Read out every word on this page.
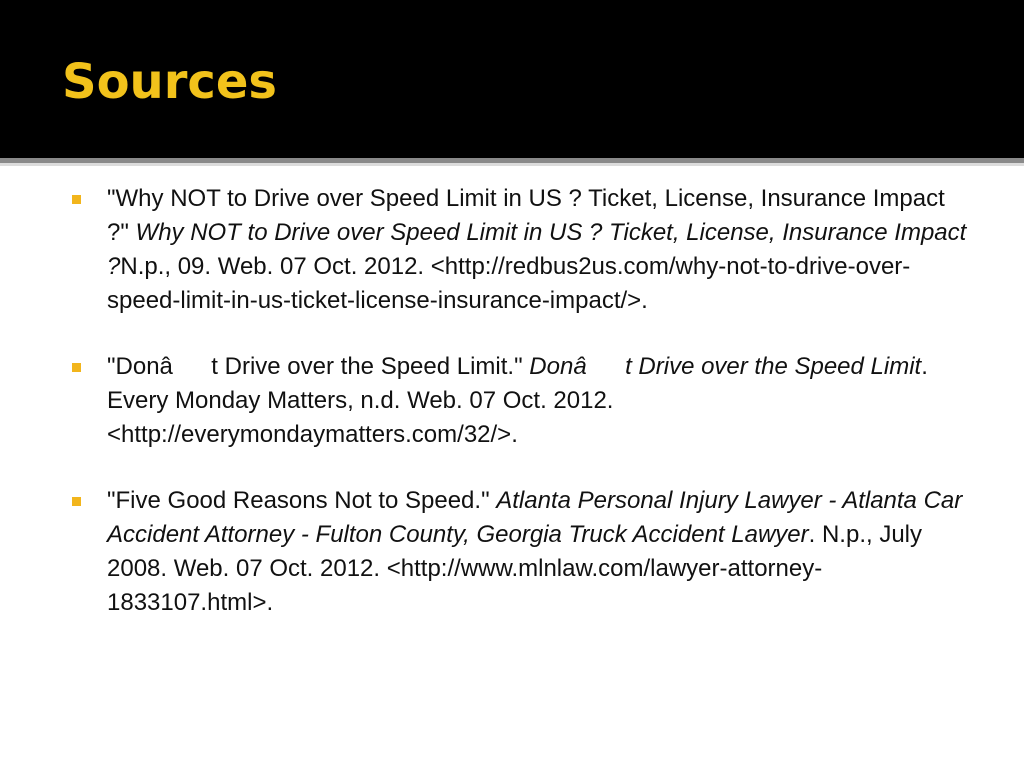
Sources
"Why NOT to Drive over Speed Limit in US ? Ticket, License, Insurance Impact ?" Why NOT to Drive over Speed Limit in US ? Ticket, License, Insurance Impact ?N.p., 09. Web. 07 Oct. 2012. <http://redbus2us.com/why-not-to-drive-over-speed-limit-in-us-ticket-license-insurance-impact/>.
"Donât Drive over the Speed Limit." Donât Drive over the Speed Limit. Every Monday Matters, n.d. Web. 07 Oct. 2012. <http://everymondaymatters.com/32/>.
"Five Good Reasons Not to Speed." Atlanta Personal Injury Lawyer - Atlanta Car Accident Attorney - Fulton County, Georgia Truck Accident Lawyer. N.p., July 2008. Web. 07 Oct. 2012. <http://www.mlnlaw.com/lawyer-attorney-1833107.html>.
